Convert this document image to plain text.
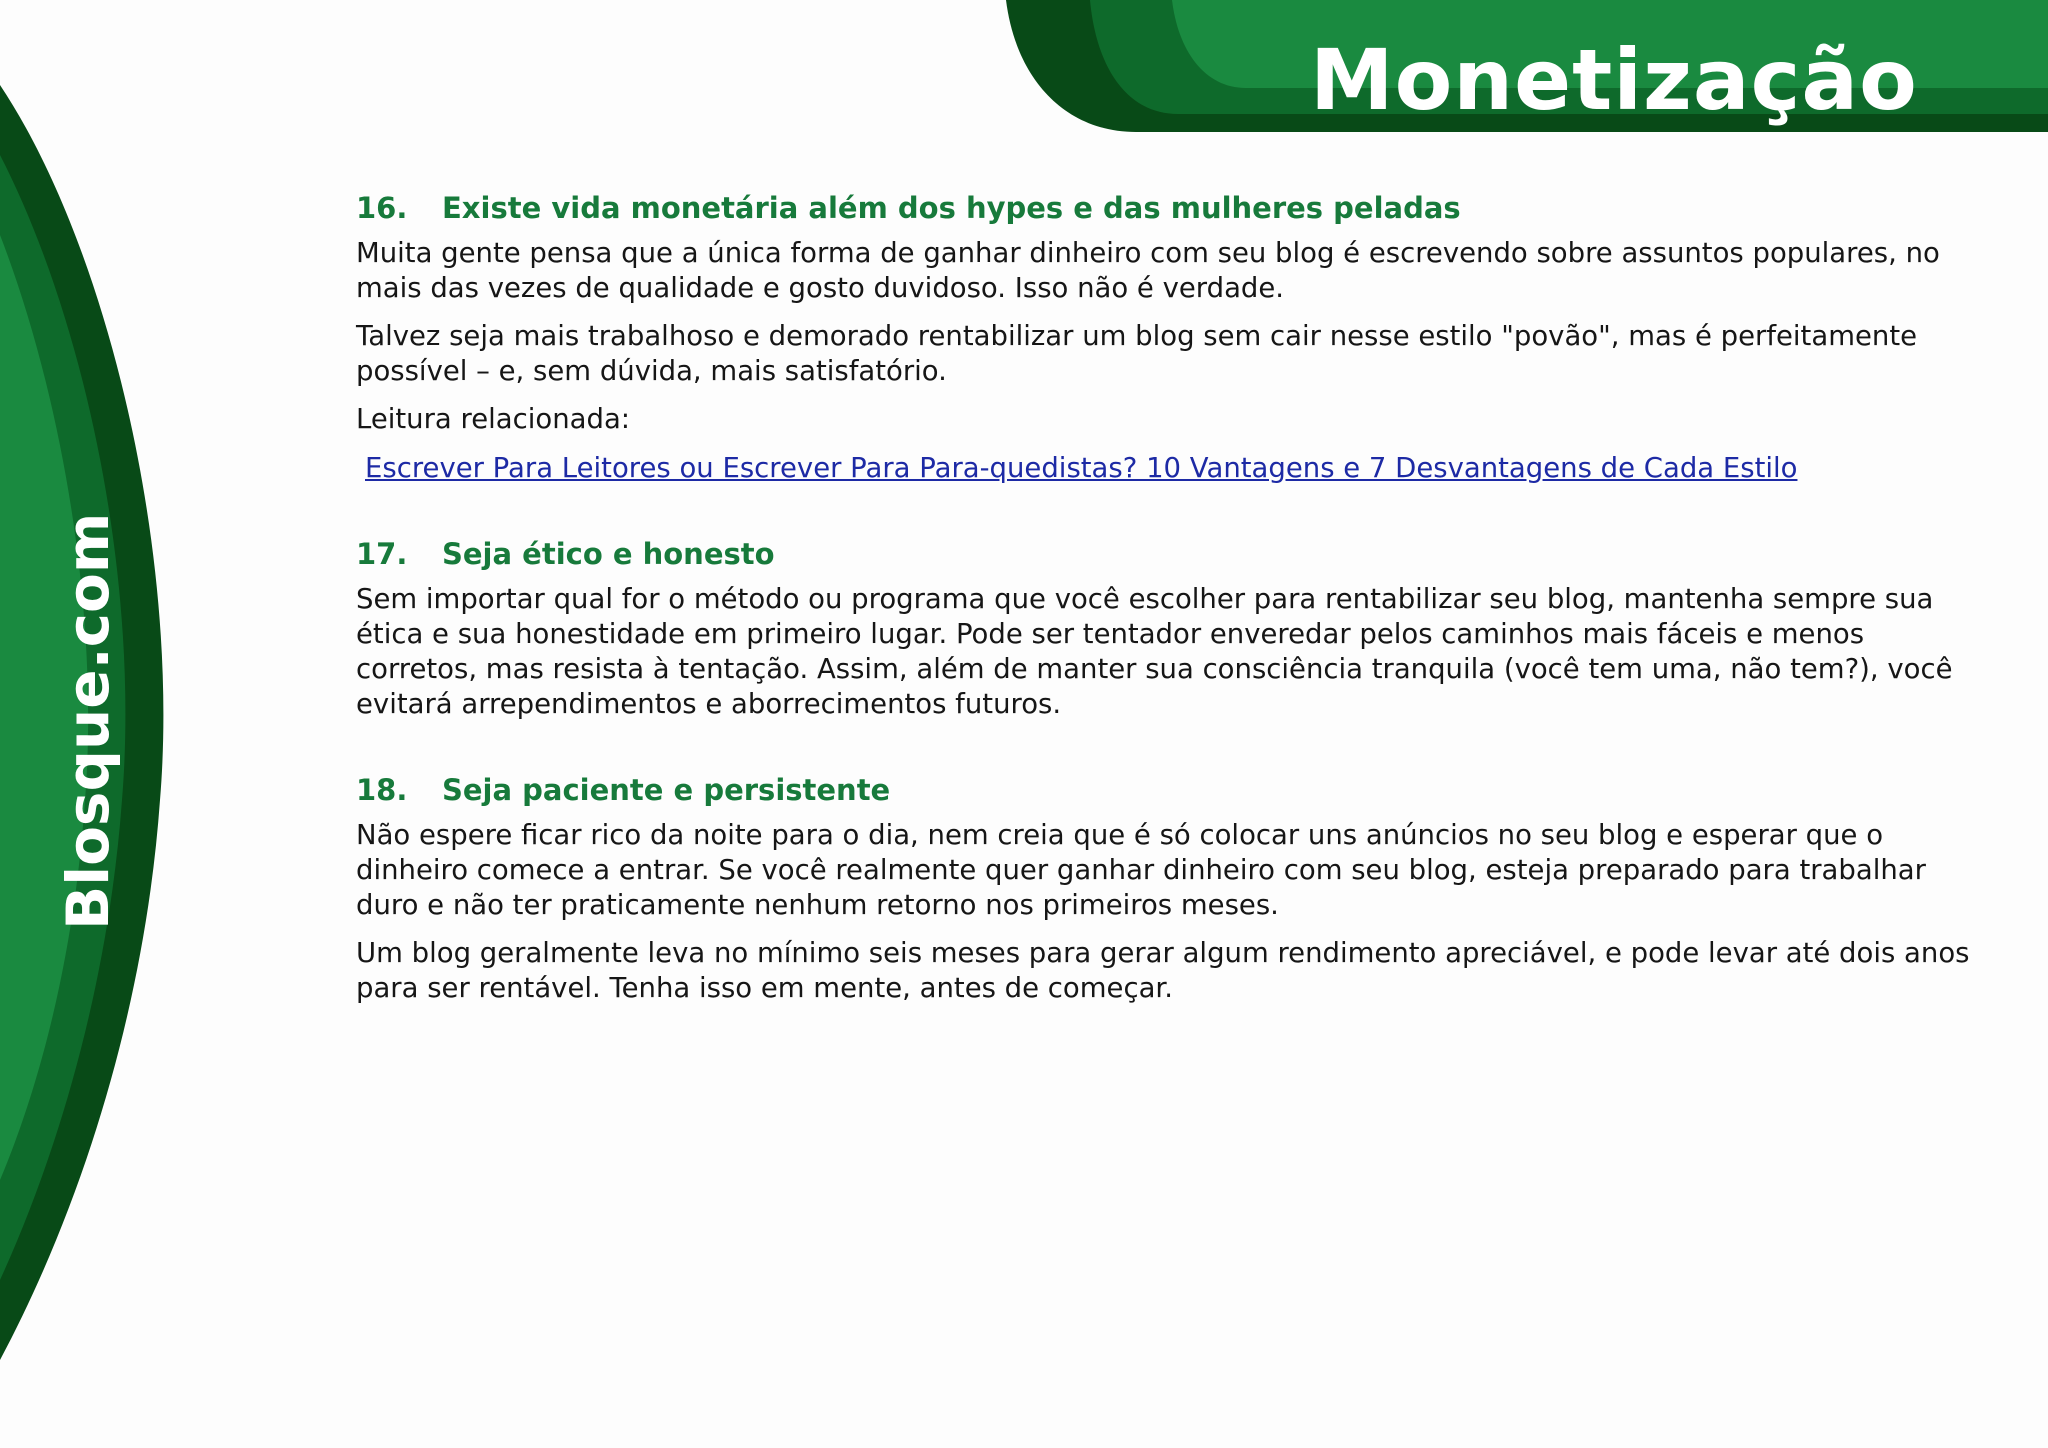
Monetização
Blosque.com
16.	Existe vida monetária além dos hypes e das mulheres peladas

Muita gente pensa que a única forma de ganhar dinheiro com seu blog é escrevendo sobre assuntos populares, no mais das vezes de qualidade e gosto duvidoso. Isso não é verdade.

Talvez seja mais trabalhoso e demorado rentabilizar um blog sem cair nesse estilo "povão", mas é perfeitamente possível – e, sem dúvida, mais satisfatório.

Leitura relacionada:

Escrever Para Leitores ou Escrever Para Para-quedistas? 10 Vantagens e 7 Desvantagens de Cada Estilo
17.	Seja ético e honesto

Sem importar qual for o método ou programa que você escolher para rentabilizar seu blog, mantenha sempre sua ética e sua honestidade em primeiro lugar. Pode ser tentador enveredar pelos caminhos mais fáceis e menos corretos, mas resista à tentação. Assim, além de manter sua consciência tranquila (você tem uma, não tem?), você evitará arrependimentos e aborrecimentos futuros.

18.	Seja paciente e persistente

Não espere ficar rico da noite para o dia, nem creia que é só colocar uns anúncios no seu blog e esperar que o dinheiro comece a entrar. Se você realmente quer ganhar dinheiro com seu blog, esteja preparado para trabalhar duro e não ter praticamente nenhum retorno nos primeiros meses.

Um blog geralmente leva no mínimo seis meses para gerar algum rendimento apreciável, e pode levar até dois anos para ser rentável. Tenha isso em mente, antes de começar.
